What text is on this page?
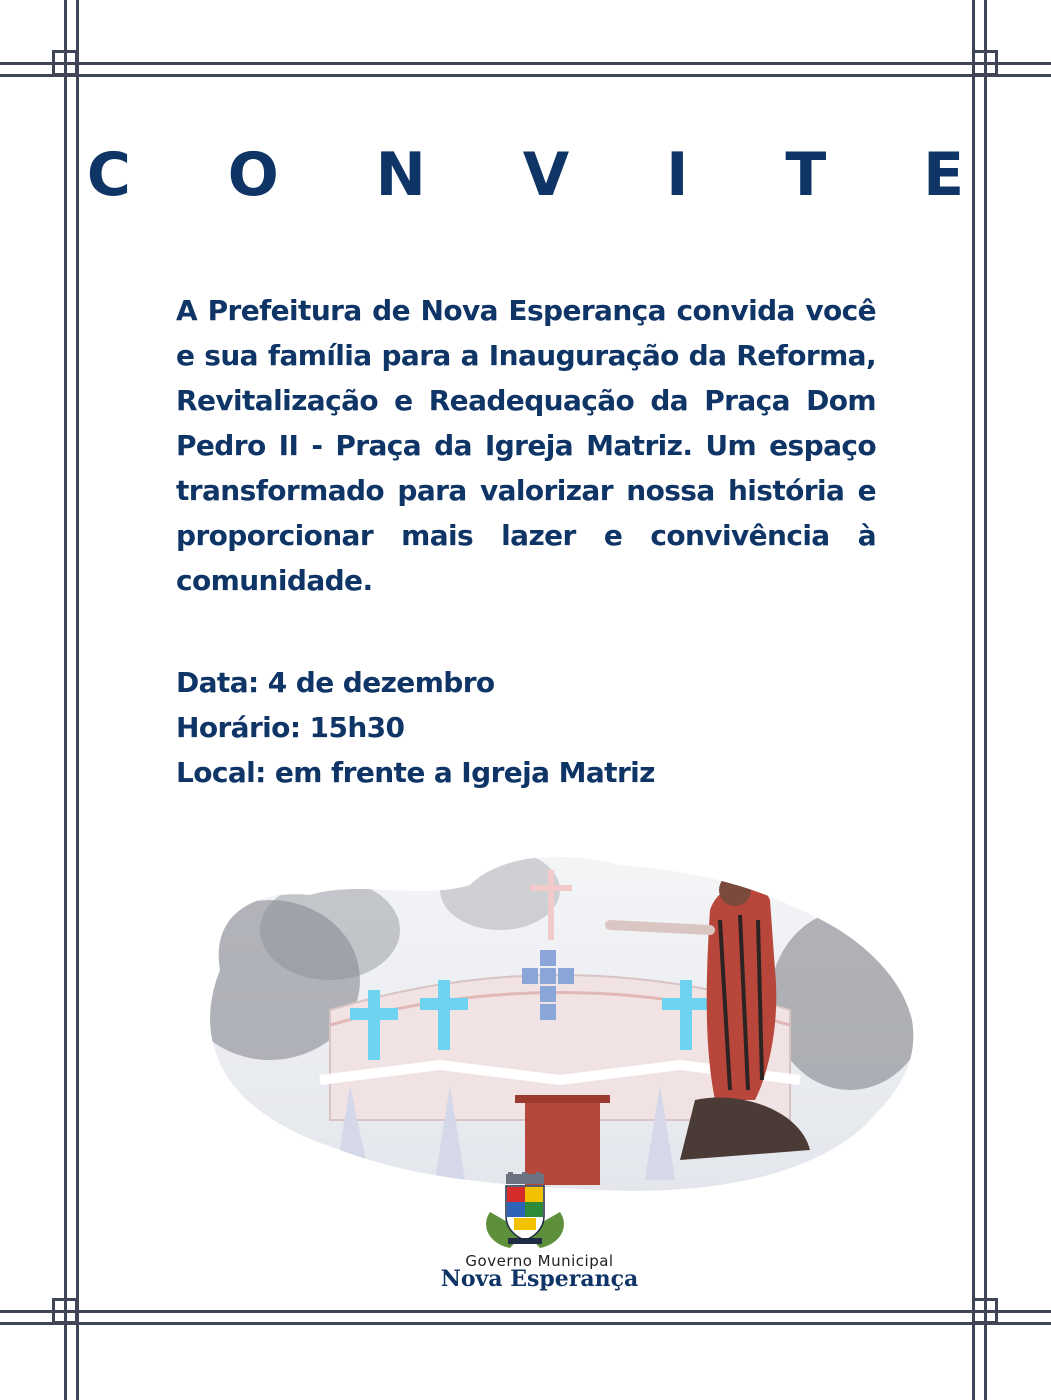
C O N V I T E

A Prefeitura de Nova Esperança convida você e sua família para a Inauguração da Reforma, Revitalização e Readequação da Praça Dom Pedro II - Praça da Igreja Matriz. Um espaço transformado para valorizar nossa história e proporcionar mais lazer e convivência à comunidade.

Data: 4 de dezembro
Horário: 15h30
Local: em frente a Igreja Matriz
Governo Municipal
Nova Esperança
